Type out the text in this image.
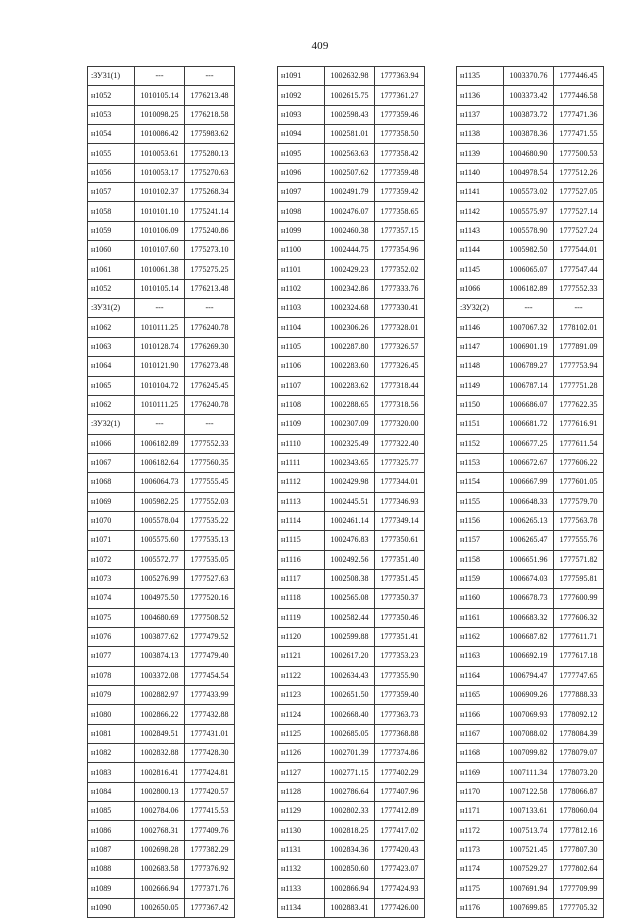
409
:ЗУ31(1)	---	---
н1052	1010105.14	1776213.48
н1053	1010098.25	1776218.58
н1054	1010086.42	1775983.62
н1055	1010053.61	1775280.13
н1056	1010053.17	1775270.63
н1057	1010102.37	1775268.34
н1058	1010101.10	1775241.14
н1059	1010106.09	1775240.86
н1060	1010107.60	1775273.10
н1061	1010061.38	1775275.25
н1052	1010105.14	1776213.48
:ЗУ31(2)	---	---
н1062	1010111.25	1776240.78
н1063	1010128.74	1776269.30
н1064	1010121.90	1776273.48
н1065	1010104.72	1776245.45
н1062	1010111.25	1776240.78
:ЗУ32(1)	---	---
н1066	1006182.89	1777552.33
н1067	1006182.64	1777560.35
н1068	1006064.73	1777555.45
н1069	1005982.25	1777552.03
н1070	1005578.04	1777535.22
н1071	1005575.60	1777535.13
н1072	1005572.77	1777535.05
н1073	1005276.99	1777527.63
н1074	1004975.50	1777520.16
н1075	1004680.69	1777508.52
н1076	1003877.62	1777479.52
н1077	1003874.13	1777479.40
н1078	1003372.08	1777454.54
н1079	1002882.97	1777433.99
н1080	1002866.22	1777432.88
н1081	1002849.51	1777431.01
н1082	1002832.88	1777428.30
н1083	1002816.41	1777424.81
н1084	1002800.13	1777420.57
н1085	1002784.06	1777415.53
н1086	1002768.31	1777409.76
н1087	1002698.28	1777382.29
н1088	1002683.58	1777376.92
н1089	1002666.94	1777371.76
н1090	1002650.05	1777367.42
н1091	1002632.98	1777363.94
н1092	1002615.75	1777361.27
н1093	1002598.43	1777359.46
н1094	1002581.01	1777358.50
н1095	1002563.63	1777358.42
н1096	1002507.62	1777359.48
н1097	1002491.79	1777359.42
н1098	1002476.07	1777358.65
н1099	1002460.38	1777357.15
н1100	1002444.75	1777354.96
н1101	1002429.23	1777352.02
н1102	1002342.86	1777333.76
н1103	1002324.68	1777330.41
н1104	1002306.26	1777328.01
н1105	1002287.80	1777326.57
н1106	1002283.60	1777326.45
н1107	1002283.62	1777318.44
н1108	1002288.65	1777318.56
н1109	1002307.09	1777320.00
н1110	1002325.49	1777322.40
н1111	1002343.65	1777325.77
н1112	1002429.98	1777344.01
н1113	1002445.51	1777346.93
н1114	1002461.14	1777349.14
н1115	1002476.83	1777350.61
н1116	1002492.56	1777351.40
н1117	1002508.38	1777351.45
н1118	1002565.08	1777350.37
н1119	1002582.44	1777350.46
н1120	1002599.88	1777351.41
н1121	1002617.20	1777353.23
н1122	1002634.43	1777355.90
н1123	1002651.50	1777359.40
н1124	1002668.40	1777363.73
н1125	1002685.05	1777368.88
н1126	1002701.39	1777374.86
н1127	1002771.15	1777402.29
н1128	1002786.64	1777407.96
н1129	1002802.33	1777412.89
н1130	1002818.25	1777417.02
н1131	1002834.36	1777420.43
н1132	1002850.60	1777423.07
н1133	1002866.94	1777424.93
н1134	1002883.41	1777426.00
н1135	1003370.76	1777446.45
н1136	1003373.42	1777446.58
н1137	1003873.72	1777471.36
н1138	1003878.36	1777471.55
н1139	1004680.90	1777500.53
н1140	1004978.54	1777512.26
н1141	1005573.02	1777527.05
н1142	1005575.97	1777527.14
н1143	1005578.90	1777527.24
н1144	1005982.50	1777544.01
н1145	1006065.07	1777547.44
н1066	1006182.89	1777552.33
:ЗУ32(2)	---	---
н1146	1007067.32	1778102.01
н1147	1006901.19	1777891.09
н1148	1006789.27	1777753.94
н1149	1006787.14	1777751.28
н1150	1006686.07	1777622.35
н1151	1006681.72	1777616.91
н1152	1006677.25	1777611.54
н1153	1006672.67	1777606.22
н1154	1006667.99	1777601.05
н1155	1006648.33	1777579.70
н1156	1006265.13	1777563.78
н1157	1006265.47	1777555.76
н1158	1006651.96	1777571.82
н1159	1006674.03	1777595.81
н1160	1006678.73	1777600.99
н1161	1006683.32	1777606.32
н1162	1006687.82	1777611.71
н1163	1006692.19	1777617.18
н1164	1006794.47	1777747.65
н1165	1006909.26	1777888.33
н1166	1007069.93	1778092.12
н1167	1007088.02	1778084.39
н1168	1007099.82	1778079.07
н1169	1007111.34	1778073.20
н1170	1007122.58	1778066.87
н1171	1007133.61	1778060.04
н1172	1007513.74	1777812.16
н1173	1007521.45	1777807.30
н1174	1007529.27	1777802.64
н1175	1007691.94	1777709.99
н1176	1007699.85	1777705.32
